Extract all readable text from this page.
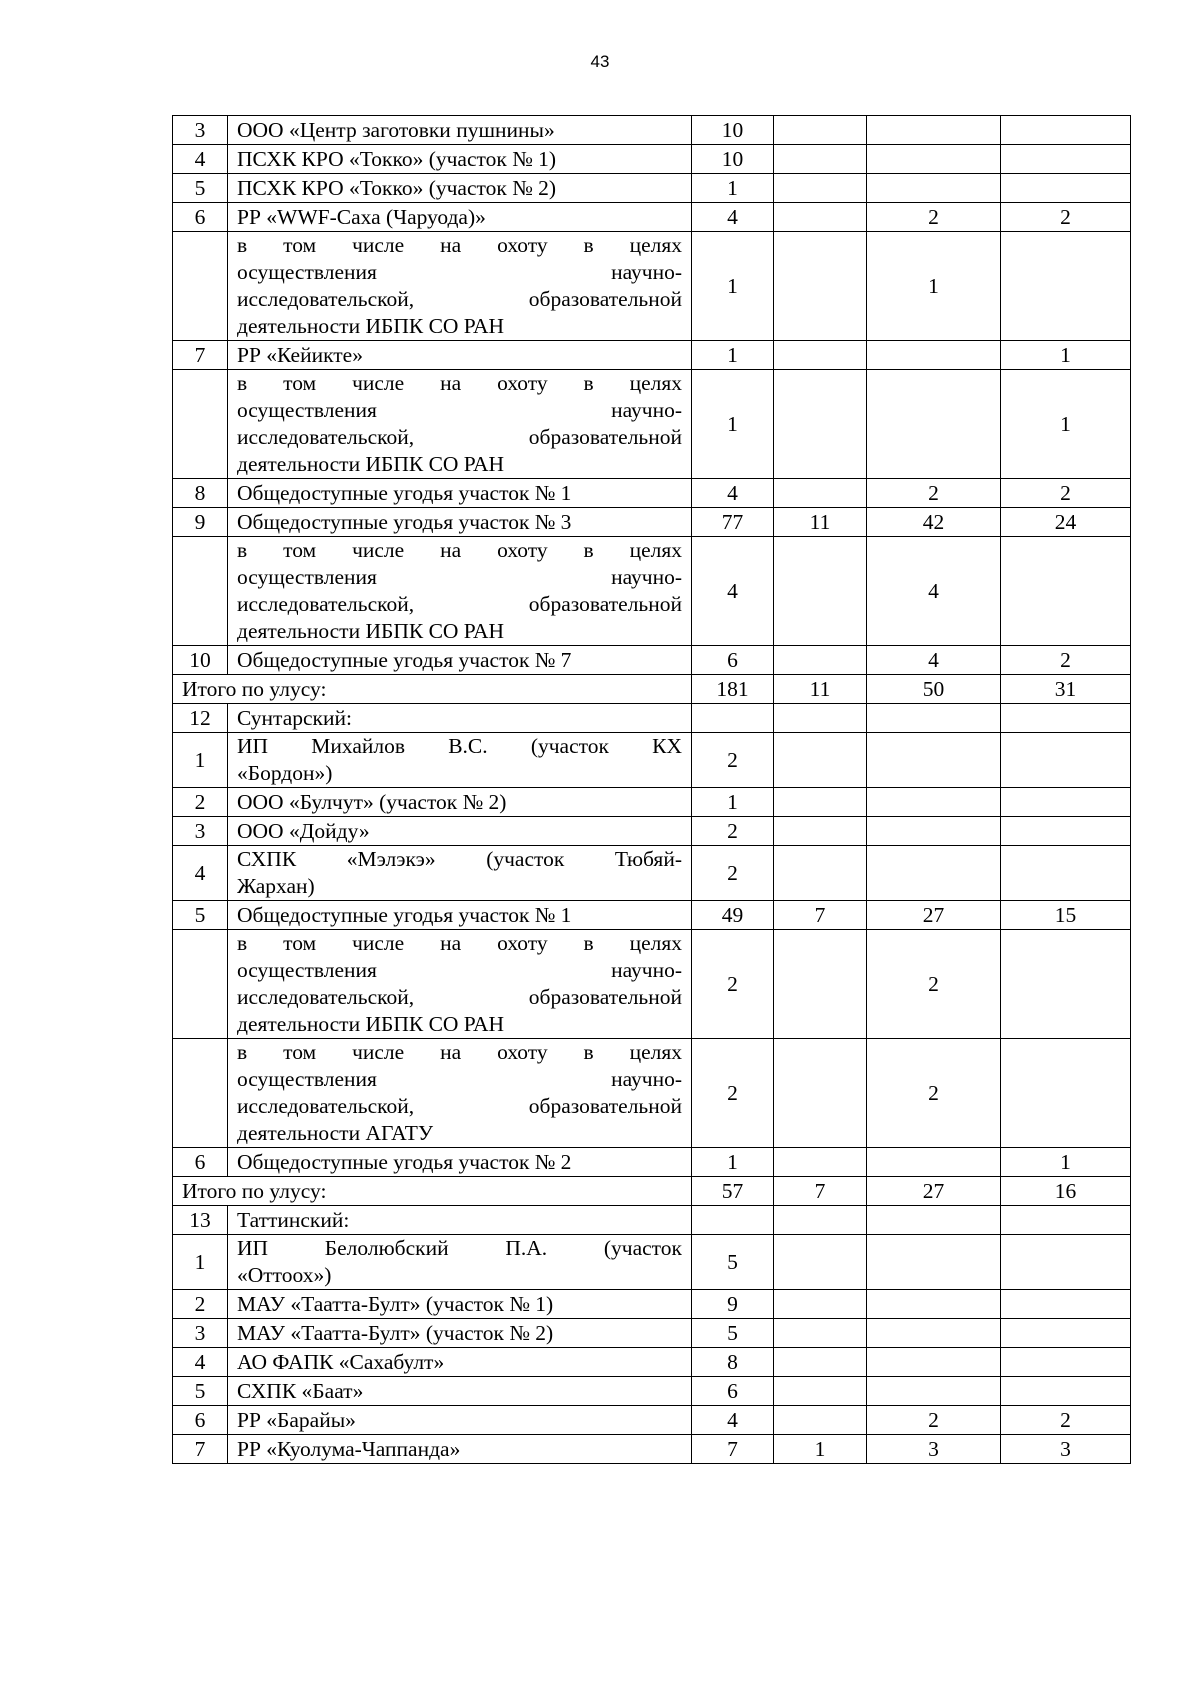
43
3	ООО «Центр заготовки пушнины»	10			
4	ПСХК КРО «Токко» (участок № 1)	10			
5	ПСХК КРО «Токко» (участок № 2)	1			
6	РР «WWF-Саха (Чаруода)»	4		2	2

	в том числе на охоту в целях
осуществления научно-
исследовательской, образовательной
деятельности ИБПК СО РАН	1		1	
7	РР «Кейикте»	1			1

	в том числе на охоту в целях
осуществления научно-
исследовательской, образовательной
деятельности ИБПК СО РАН	1			1
8	Общедоступные угодья участок № 1	4		2	2
9	Общедоступные угодья участок № 3	77	11	42	24

	в том числе на охоту в целях
осуществления научно-
исследовательской, образовательной
деятельности ИБПК СО РАН	4		4	
10	Общедоступные угодья участок № 7	6		4	2
Итого по улусу:		181	11	50	31
12	Сунтарский:				
1	ИП Михайлов В.С. (участок КХ
«Бордон»)	2			
2	ООО «Булчут» (участок № 2)	1			
3	ООО «Дойду»	2			
4	СХПК «Мэлэкэ» (участок Тюбяй-
Жархан)	2			
5	Общедоступные угодья участок № 1	49	7	27	15

	в том числе на охоту в целях
осуществления научно-
исследовательской, образовательной
деятельности ИБПК СО РАН	2		2	

	в том числе на охоту в целях
осуществления научно-
исследовательской, образовательной
деятельности АГАТУ	2		2	
6	Общедоступные угодья участок № 2	1			1
Итого по улусу:		57	7	27	16
13	Таттинский:				
1	ИП Белолюбский П.А. (участок
«Оттоох»)	5			
2	МАУ «Таатта-Булт» (участок № 1)	9			
3	МАУ «Таатта-Булт» (участок № 2)	5			
4	АО ФАПК «Сахабулт»	8			
5	СХПК «Баат»	6			
6	РР «Барайы»	4		2	2
7	РР «Куолума-Чаппанда»	7	1	3	3
